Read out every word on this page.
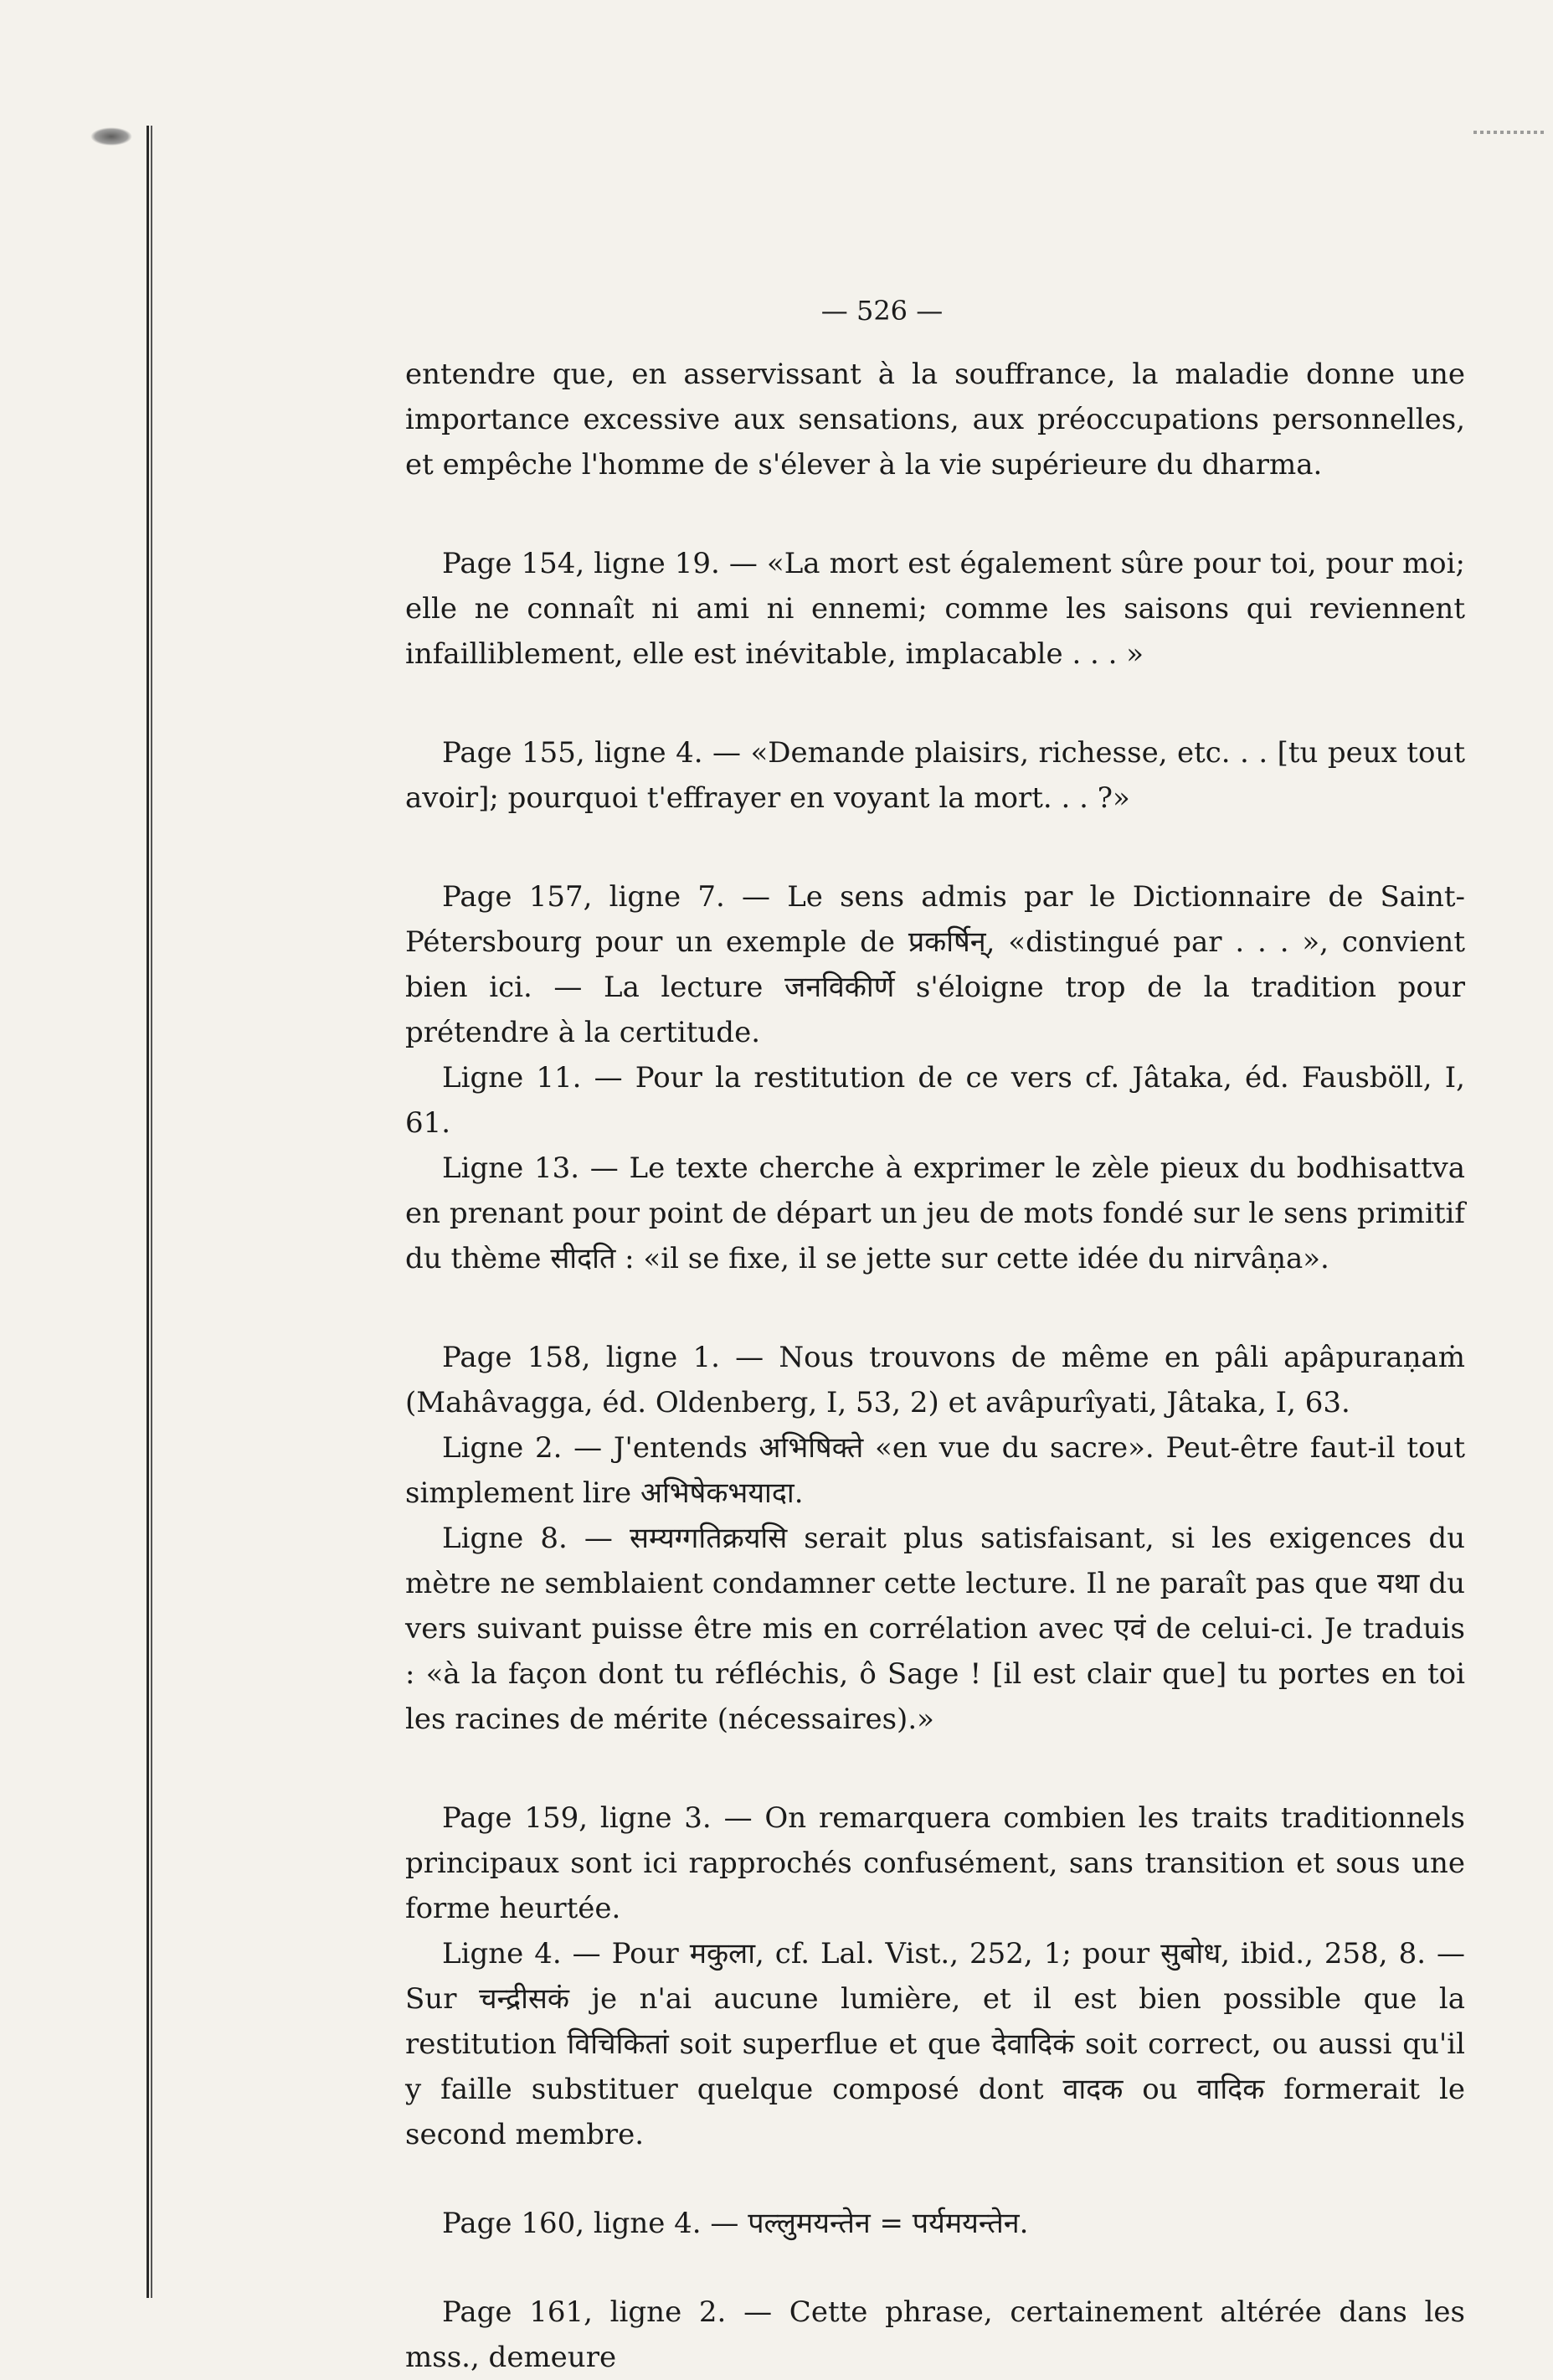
— 526 —

entendre que, en asservissant à la souffrance, la maladie donne une importance excessive aux sensations, aux préoccupations personnelles, et empêche l'homme de s'élever à la vie supérieure du dharma.

Page 154, ligne 19. — «La mort est également sûre pour toi, pour moi; elle ne connaît ni ami ni ennemi; comme les saisons qui reviennent infailliblement, elle est inévitable, implacable . . . »

Page 155, ligne 4. — «Demande plaisirs, richesse, etc. . . [tu peux tout avoir]; pourquoi t'effrayer en voyant la mort. . . ?»

Page 157, ligne 7. — Le sens admis par le Dictionnaire de Saint-Pétersbourg pour un exemple de प्रकर्षिन्, «distingué par . . . », convient bien ici. — La lecture जनविकीर्णे s'éloigne trop de la tradition pour prétendre à la certitude.

Ligne 11. — Pour la restitution de ce vers cf. Jâtaka, éd. Fausböll, I, 61.

Ligne 13. — Le texte cherche à exprimer le zèle pieux du bodhisattva en prenant pour point de départ un jeu de mots fondé sur le sens primitif du thème सीदति : «il se fixe, il se jette sur cette idée du nirvâṇa».

Page 158, ligne 1. — Nous trouvons de même en pâli apâpuraṇaṁ (Mahâvagga, éd. Oldenberg, I, 53, 2) et avâpurîyati, Jâtaka, I, 63.

Ligne 2. — J'entends अभिषिक्ते «en vue du sacre». Peut-être faut-il tout simplement lire अभिषेकभयादा.

Ligne 8. — सम्यग्गतिक्रयसि serait plus satisfaisant, si les exigences du mètre ne semblaient condamner cette lecture. Il ne paraît pas que यथा du vers suivant puisse être mis en corrélation avec एवं de celui-ci. Je traduis : «à la façon dont tu réfléchis, ô Sage ! [il est clair que] tu portes en toi les racines de mérite (nécessaires).»

Page 159, ligne 3. — On remarquera combien les traits traditionnels principaux sont ici rapprochés confusément, sans transition et sous une forme heurtée.

Ligne 4. — Pour मकुला, cf. Lal. Vist., 252, 1; pour सुबोध, ibid., 258, 8. — Sur चन्द्रीसकं je n'ai aucune lumière, et il est bien possible que la restitution विचिकितां soit superflue et que देवादिकं soit correct, ou aussi qu'il y faille substituer quelque composé dont वादक ou वादिक formerait le second membre.

Page 160, ligne 4. — पल्लुमयन्तेन = पर्यमयन्तेन.

Page 161, ligne 2. — Cette phrase, certainement altérée dans les mss., demeure
